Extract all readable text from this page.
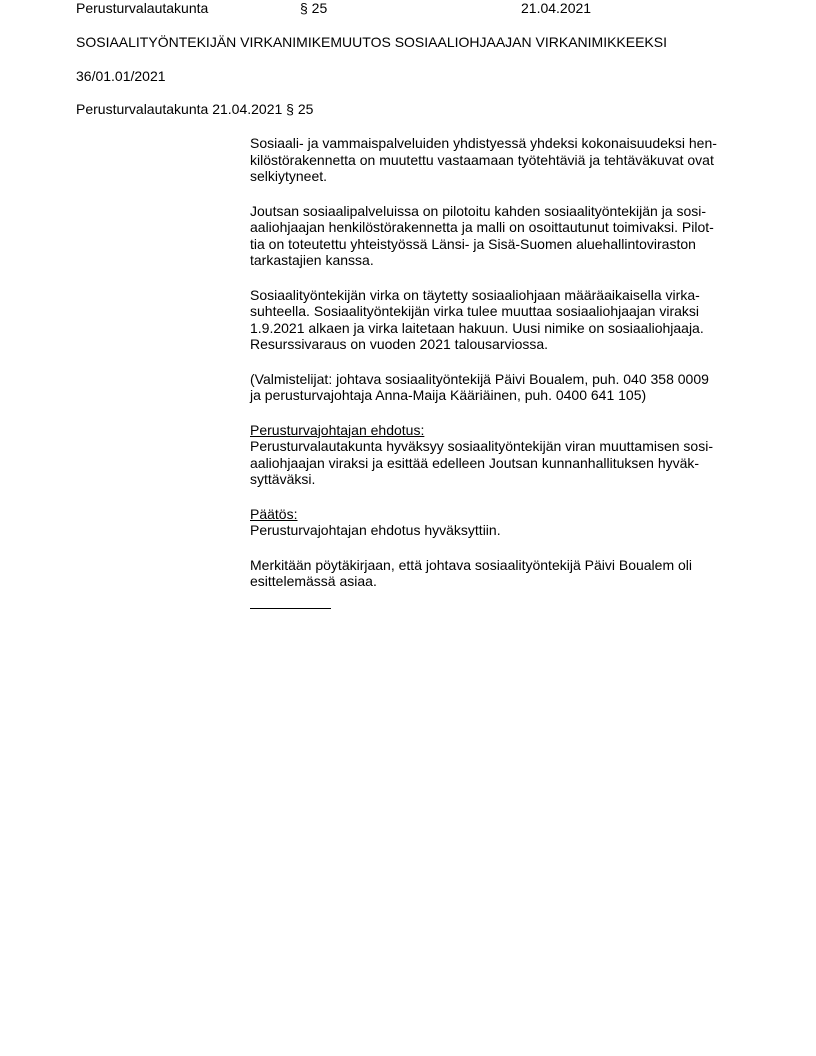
Perusturvalautakunta	§ 25	21.04.2021
SOSIAALITYÖNTEKIJÄN VIRKANIMIKEMUUTOS SOSIAALIOHJAAJAN VIRKANIMIKKEEKSI
36/01.01/2021
Perusturvalautakunta 21.04.2021 § 25

Sosiaali- ja vammaispalveluiden yhdistyessä yhdeksi kokonaisuudeksi hen-
kilöstörakennetta on muutettu vastaamaan työtehtäviä ja tehtäväkuvat ovat
selkiytyneet.

Joutsan sosiaalipalveluissa on pilotoitu kahden sosiaalityöntekijän ja sosi-
aaliohjaajan henkilöstörakennetta ja malli on osoittautunut toimivaksi. Pilot-
tia on toteutettu yhteistyössä Länsi- ja Sisä-Suomen aluehallintoviraston
tarkastajien kanssa.

Sosiaalityöntekijän virka on täytetty sosiaaliohjaan määräaikaisella virka-
suhteella. Sosiaalityöntekijän virka tulee muuttaa sosiaaliohjaajan viraksi
1.9.2021 alkaen ja virka laitetaan hakuun. Uusi nimike on sosiaaliohjaaja.
Resurssivaraus on vuoden 2021 talousarviossa.

(Valmistelijat: johtava sosiaalityöntekijä Päivi Boualem, puh. 040 358 0009
ja perusturvajohtaja Anna-Maija Kääriäinen, puh. 0400 641 105)

Perusturvajohtajan ehdotus:
Perusturvalautakunta hyväksyy sosiaalityöntekijän viran muuttamisen sosi-
aaliohjaajan viraksi ja esittää edelleen Joutsan kunnanhallituksen hyväk-
syttäväksi.

Päätös:
Perusturvajohtajan ehdotus hyväksyttiin.

Merkitään pöytäkirjaan, että johtava sosiaalityöntekijä Päivi Boualem oli
esittelemässä asiaa.
